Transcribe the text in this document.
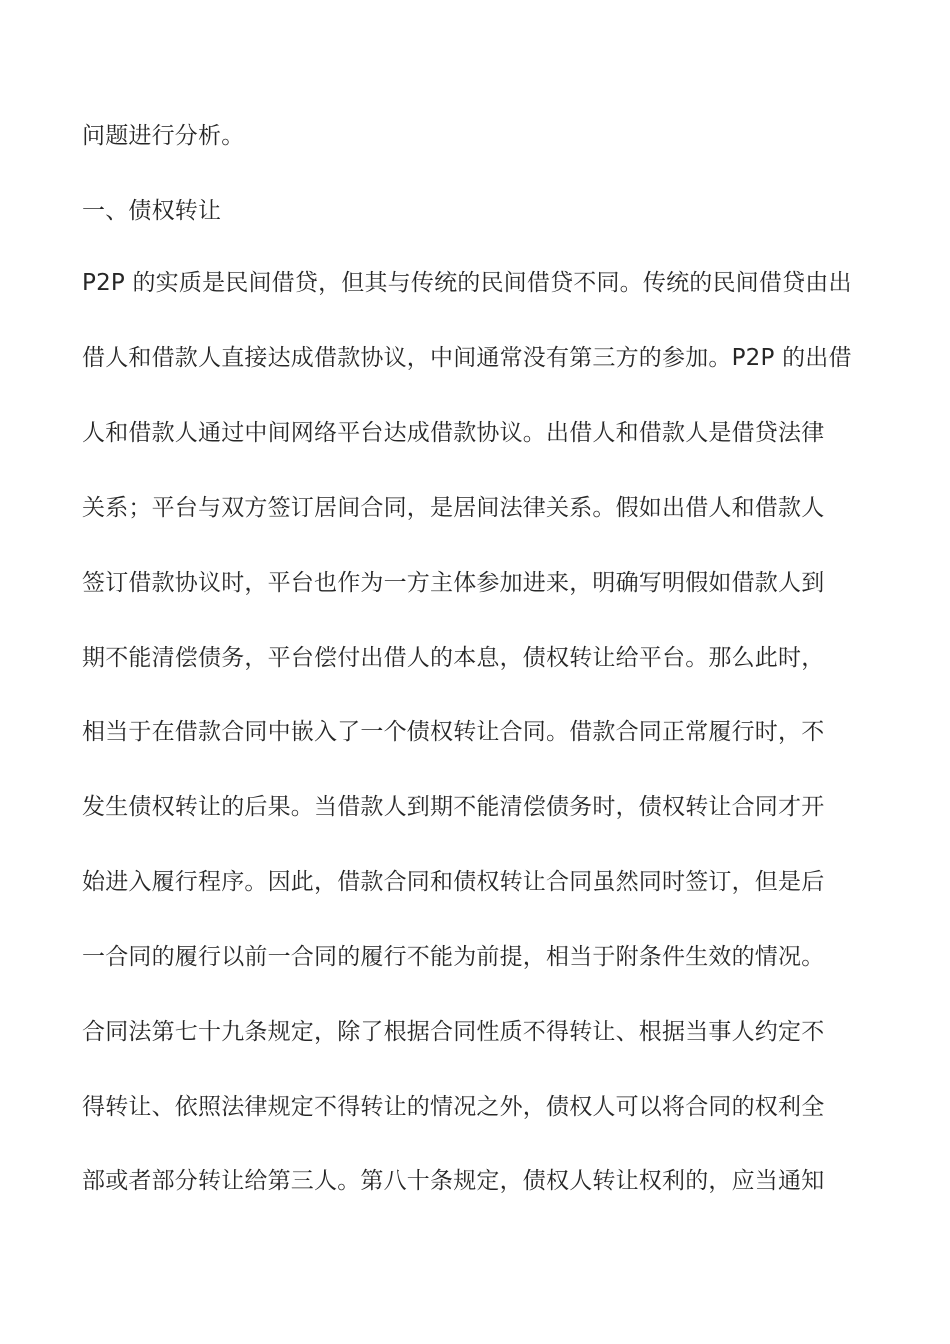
问题进行分析。
一、债权转让
P2P 的实质是民间借贷，但其与传统的民间借贷不同。传统的民间借贷由出
借人和借款人直接达成借款协议，中间通常没有第三方的参加。P2P 的出借
人和借款人通过中间网络平台达成借款协议。出借人和借款人是借贷法律
关系；平台与双方签订居间合同，是居间法律关系。假如出借人和借款人
签订借款协议时，平台也作为一方主体参加进来，明确写明假如借款人到
期不能清偿债务，平台偿付出借人的本息，债权转让给平台。那么此时，
相当于在借款合同中嵌入了一个债权转让合同。借款合同正常履行时，不
发生债权转让的后果。当借款人到期不能清偿债务时，债权转让合同才开
始进入履行程序。因此，借款合同和债权转让合同虽然同时签订，但是后
一合同的履行以前一合同的履行不能为前提，相当于附条件生效的情况。
合同法第七十九条规定，除了根据合同性质不得转让、根据当事人约定不
得转让、依照法律规定不得转让的情况之外，债权人可以将合同的权利全
部或者部分转让给第三人。第八十条规定，债权人转让权利的，应当通知
